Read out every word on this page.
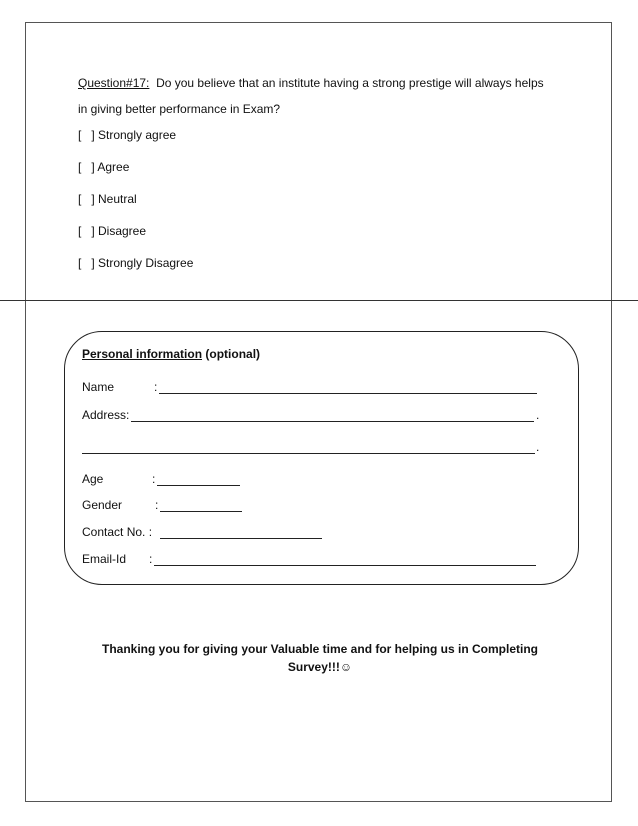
Question#17: Do you believe that an institute having a strong prestige will always helps
in giving better performance in Exam?
[   ] Strongly agree
[   ] Agree
[   ] Neutral
[   ] Disagree
[   ] Strongly Disagree
Personal information (optional)
Name	:
Address:	.
.
Age	:
Gender	:
Contact No. :
Email-Id :
Thanking you for giving your Valuable time and for helping us in Completing
Survey!!!☺
